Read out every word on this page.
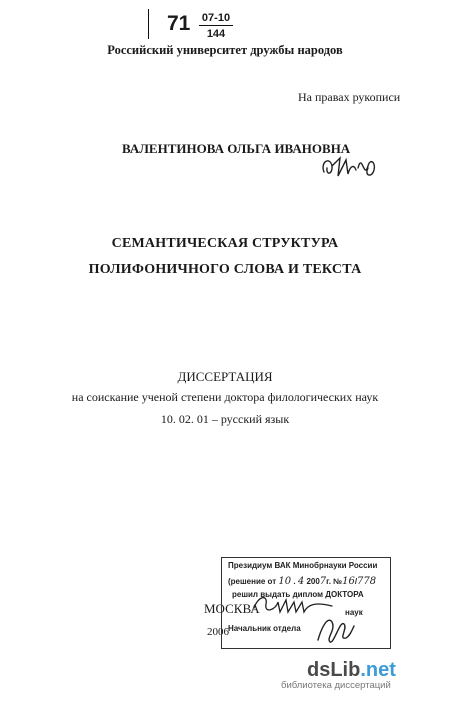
71 07-10
144
Российский университет дружбы народов
На правах рукописи
ВАЛЕНТИНОВА ОЛЬГА ИВАНОВНА
СЕМАНТИЧЕСКАЯ СТРУКТУРА
ПОЛИФОНИЧНОГО СЛОВА И ТЕКСТА
ДИССЕРТАЦИЯ
на соискание ученой степени доктора филологических наук
10. 02. 01 – русский язык
МОСКВА
2006
Президиум ВАК Минобрнауки России
(решение от 10 . 4 2007г. №16/778
решил выдать диплом ДОКТОРА
наук
Начальник отдела
dsLib.net
библиотека диссертаций
